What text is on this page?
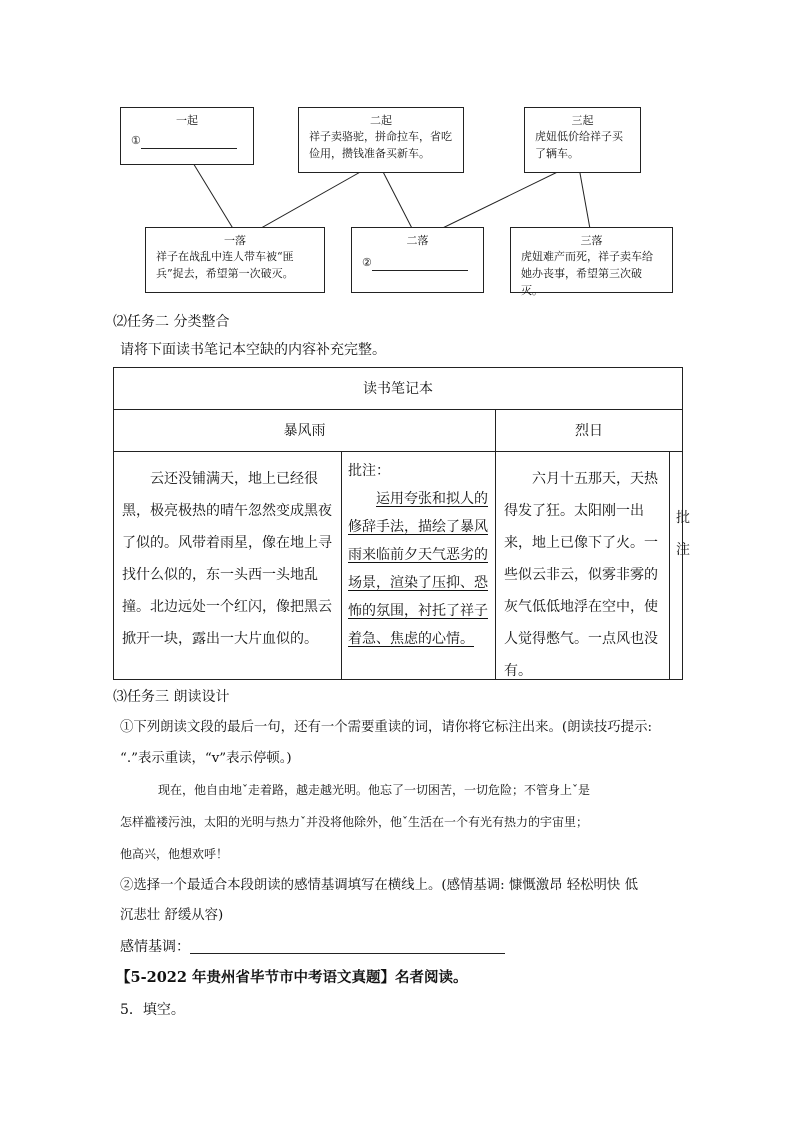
一起
①
二起
祥子卖骆驼，拼命拉车，省吃俭用，攒钱准备买新车。
三起
虎妞低价给祥子买了辆车。
一落
祥子在战乱中连人带车被“匪兵”捉去，希望第一次破灭。
二落
②
三落
虎妞难产而死，祥子卖车给她办丧事，希望第三次破灭。
⑵任务二 分类整合
请将下面读书笔记本空缺的内容补充完整。
读书笔记本
暴风雨	烈日
云还没铺满天，地上已经很黑，极亮极热的晴午忽然变成黑夜了似的。风带着雨星，像在地上寻找什么似的，东一头西一头地乱撞。北边远处一个红闪，像把黑云掀开一块，露出一大片血似的。
批注：
运用夸张和拟人的修辞手法，描绘了暴风雨来临前夕天气恶劣的场景，渲染了压抑、恐怖的氛围，衬托了祥子着急、焦虑的心情。
六月十五那天，天热得发了狂。太阳刚一出来，地上已像下了火。一些似云非云，似雾非雾的灰气低低地浮在空中，使人觉得憋气。一点风也没有。
批
注
⑶任务三 朗读设计
①下列朗读文段的最后一句，还有一个需要重读的词，请你将它标注出来。(朗读技巧提示:
“.”表示重读，“v”表示停顿。)
现在，他自由地ˇ走着路，越走越光明。他忘了一切困苦，一切危险；不管身上ˇ是
怎样褴褛污浊，太阳的光明与热力ˇ并没将他除外，他ˇ生活在一个有光有热力的宇宙里；
他高兴，他想欢呼！
②选择一个最适合本段朗读的感情基调填写在横线上。(感情基调: 慷慨激昂 轻松明快 低
沉悲壮 舒缓从容)
感情基调：
【5-2022 年贵州省毕节市中考语文真题】名者阅读。
5．填空。
